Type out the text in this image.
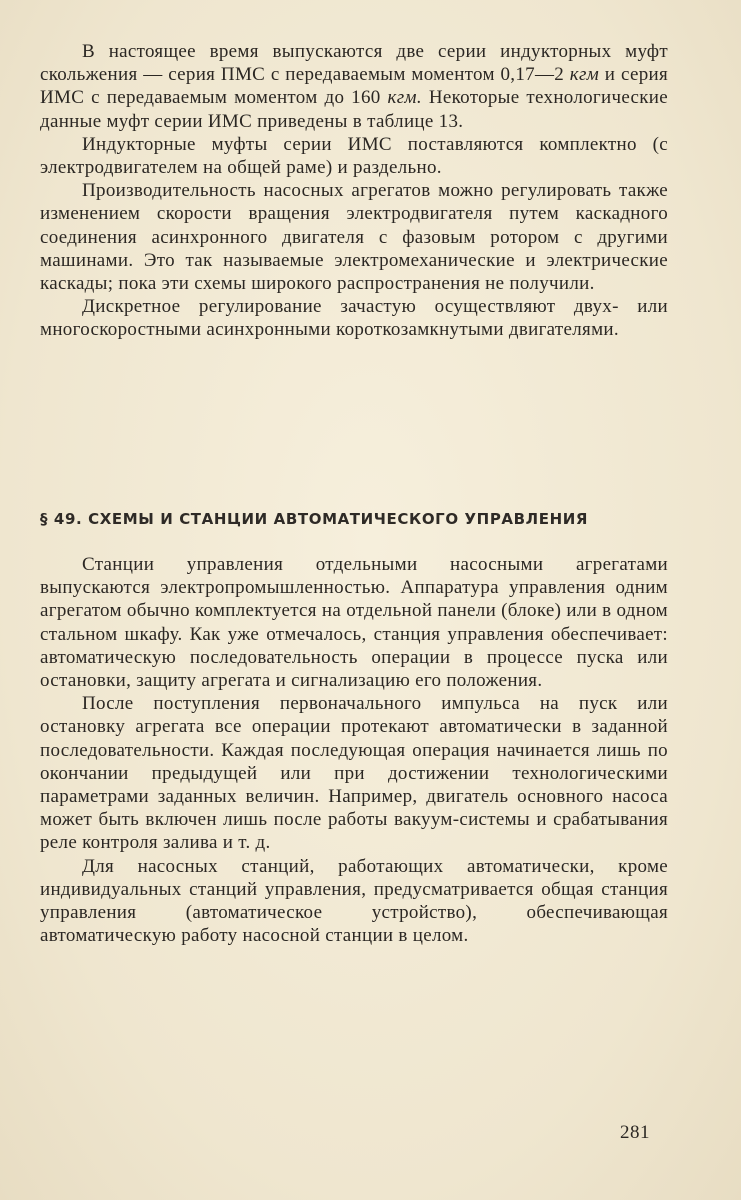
В настоящее время выпускаются две серии индукторных муфт скольжения — серия ПМС с передаваемым моментом 0,17—2 кгм и серия ИМС с передаваемым моментом до 160 кгм. Некоторые технологические данные муфт серии ИМС приведены в таблице 13.

Индукторные муфты серии ИМС поставляются комплектно (с электродвигателем на общей раме) и раздельно.

Производительность насосных агрегатов можно регулировать также изменением скорости вращения электродвигателя путем каскадного соединения асинхронного двигателя с фазовым ротором с другими машинами. Это так называемые электромеханические и электрические каскады; пока эти схемы широкого распространения не получили.

Дискретное регулирование зачастую осуществляют двух- или многоскоростными асинхронными короткозамкнутыми двигателями.

§ 49. СХЕМЫ И СТАНЦИИ АВТОМАТИЧЕСКОГО УПРАВЛЕНИЯ

Станции управления отдельными насосными агрегатами выпускаются электропромышленностью. Аппаратура управления одним агрегатом обычно комплектуется на отдельной панели (блоке) или в одном стальном шкафу. Как уже отмечалось, станция управления обеспечивает: автоматическую последовательность операции в процессе пуска или остановки, защиту агрегата и сигнализацию его положения.

После поступления первоначального импульса на пуск или остановку агрегата все операции протекают автоматически в заданной последовательности. Каждая последующая операция начинается лишь по окончании предыдущей или при достижении технологическими параметрами заданных величин. Например, двигатель основного насоса может быть включен лишь после работы вакуум-системы и срабатывания реле контроля залива и т. д.

Для насосных станций, работающих автоматически, кроме индивидуальных станций управления, предусматривается общая станция управления (автоматическое устройство), обеспечивающая автоматическую работу насосной станции в целом.

281
